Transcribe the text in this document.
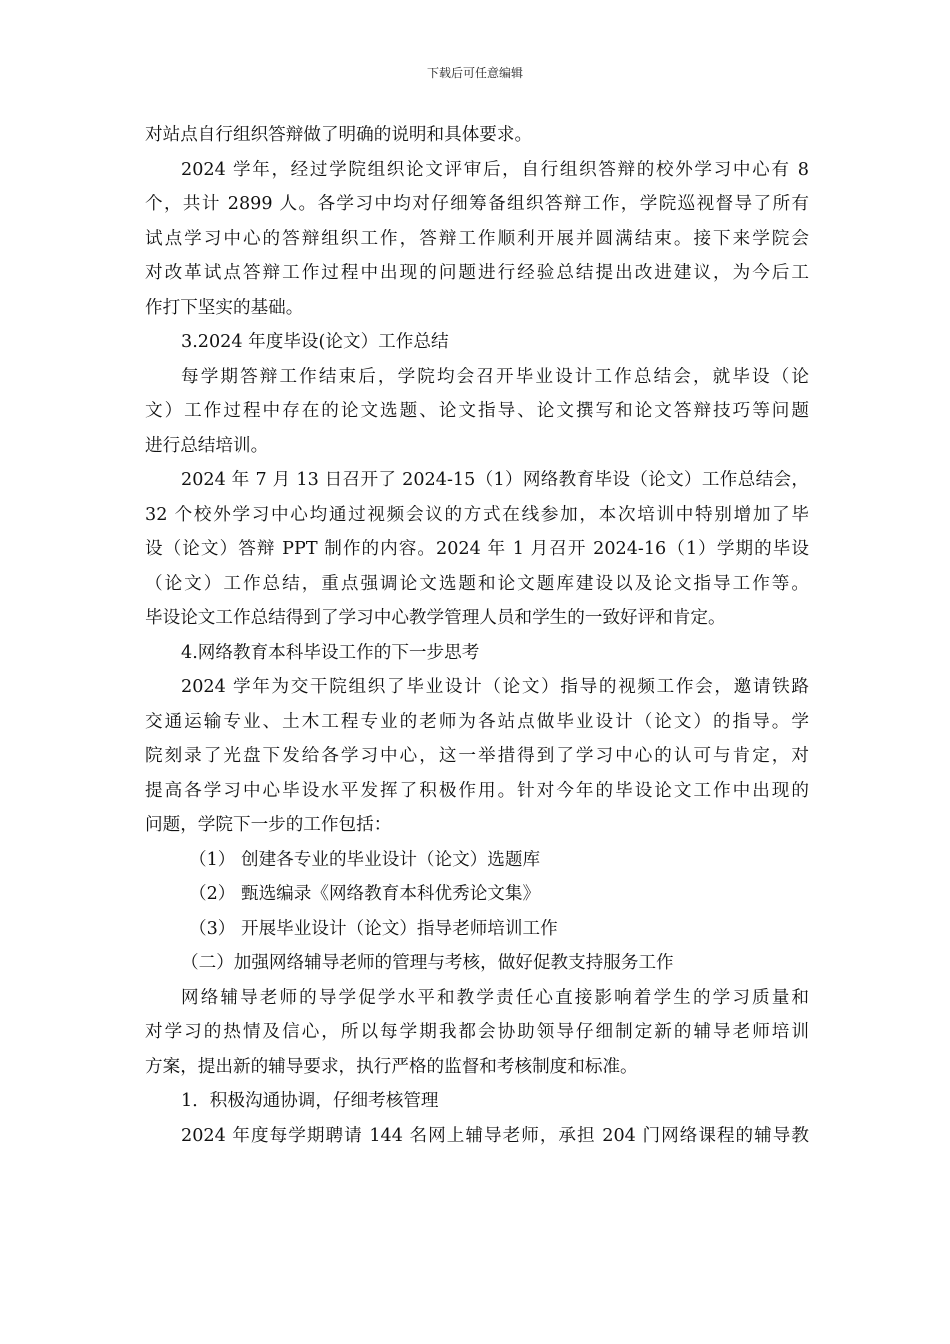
下载后可任意编辑
对站点自行组织答辩做了明确的说明和具体要求。
2024 学年，经过学院组织论文评审后，自行组织答辩的校外学习中心有 8
个，共计 2899 人。各学习中均对仔细筹备组织答辩工作，学院巡视督导了所有
试点学习中心的答辩组织工作，答辩工作顺利开展并圆满结束。接下来学院会
对改革试点答辩工作过程中出现的问题进行经验总结提出改进建议，为今后工
作打下坚实的基础。
3.2024 年度毕设(论文）工作总结
每学期答辩工作结束后，学院均会召开毕业设计工作总结会，就毕设（论
文）工作过程中存在的论文选题、论文指导、论文撰写和论文答辩技巧等问题
进行总结培训。
2024 年 7 月 13 日召开了 2024-15（1）网络教育毕设（论文）工作总结会，
32 个校外学习中心均通过视频会议的方式在线参加，本次培训中特别增加了毕
设（论文）答辩 PPT 制作的内容。2024 年 1 月召开 2024-16（1）学期的毕设
（论文）工作总结，重点强调论文选题和论文题库建设以及论文指导工作等。
毕设论文工作总结得到了学习中心教学管理人员和学生的一致好评和肯定。
4.网络教育本科毕设工作的下一步思考
2024 学年为交干院组织了毕业设计（论文）指导的视频工作会，邀请铁路
交通运输专业、土木工程专业的老师为各站点做毕业设计（论文）的指导。学
院刻录了光盘下发给各学习中心，这一举措得到了学习中心的认可与肯定，对
提高各学习中心毕设水平发挥了积极作用。针对今年的毕设论文工作中出现的
问题，学院下一步的工作包括：
（1） 创建各专业的毕业设计（论文）选题库
（2） 甄选编录《网络教育本科优秀论文集》
（3） 开展毕业设计（论文）指导老师培训工作
（二）加强网络辅导老师的管理与考核，做好促教支持服务工作
网络辅导老师的导学促学水平和教学责任心直接影响着学生的学习质量和
对学习的热情及信心，所以每学期我都会协助领导仔细制定新的辅导老师培训
方案，提出新的辅导要求，执行严格的监督和考核制度和标准。
1．积极沟通协调，仔细考核管理
2024 年度每学期聘请 144 名网上辅导老师，承担 204 门网络课程的辅导教
